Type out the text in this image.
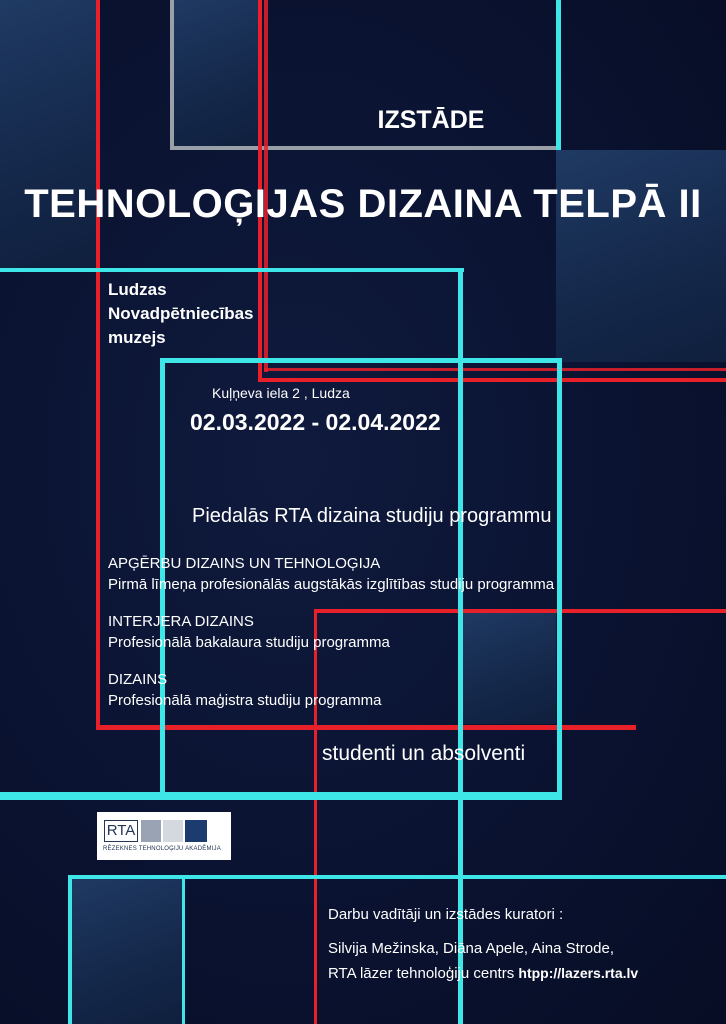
IZSTĀDE
TEHNOLOĢIJAS DIZAINA TELPĀ II
Ludzas Novadpētniecības muzejs
Kuļņeva iela 2 , Ludza
02.03.2022 - 02.04.2022
Piedalās RTA dizaina studiju programmu
APĢĒRBU DIZAINS UN TEHNOLOĢIJA
Pirmā līmeņa profesionālās augstākās izglītības studiju programma
INTERJERA DIZAINS
Profesionālā bakalaura studiju programma
DIZAINS
Profesionālā maģistra studiju programma
studenti un absolventi
RTA
RĒZEKNES TEHNOLOĢIJU AKADĒMIJA
Darbu vadītāji un izstādes kuratori :
Silvija Mežinska, Diāna Apele, Aina Strode,
RTA lāzer tehnoloģiju centrs htpp://lazers.rta.lv
